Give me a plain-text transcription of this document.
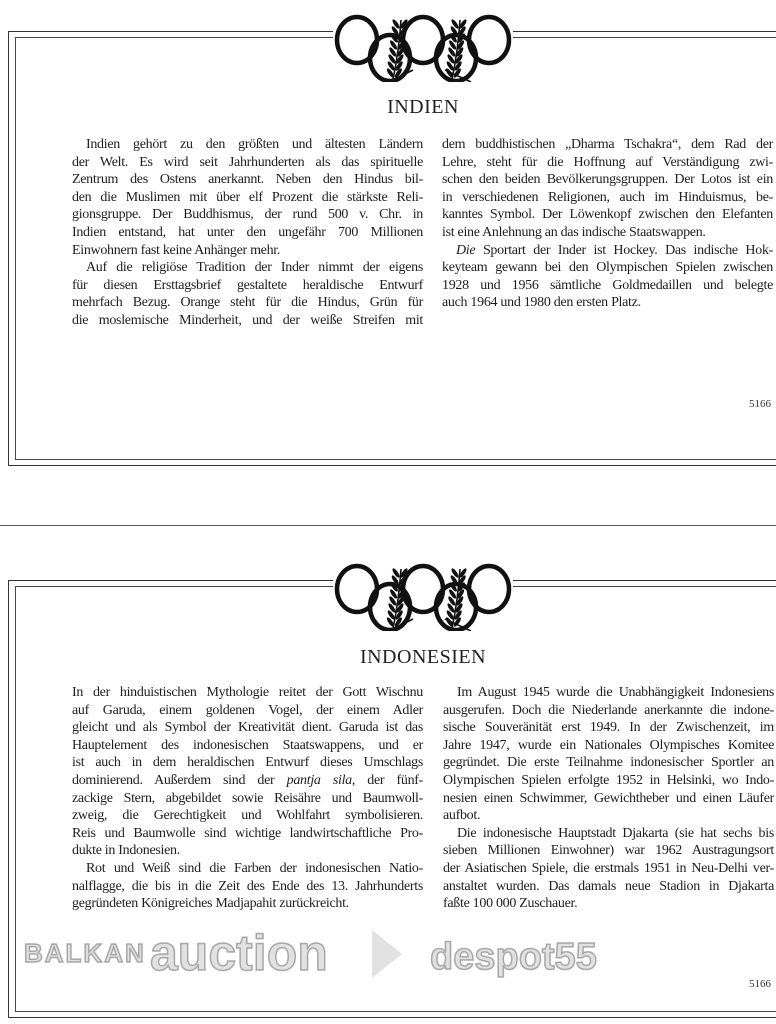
INDIEN
Indien gehört zu den größten und ältesten Ländern
der Welt. Es wird seit Jahrhunderten als das spirituelle
Zentrum des Ostens anerkannt. Neben den Hindus bil-
den die Muslimen mit über elf Prozent die stärkste Reli-
gionsgruppe. Der Buddhismus, der rund 500 v. Chr. in
Indien entstand, hat unter den ungefähr 700 Millionen
Einwohnern fast keine Anhänger mehr.
Auf die religiöse Tradition der Inder nimmt der eigens
für diesen Ersttagsbrief gestaltete heraldische Entwurf
mehrfach Bezug. Orange steht für die Hindus, Grün für
die moslemische Minderheit, und der weiße Streifen mit
dem buddhistischen „Dharma Tschakra“, dem Rad der
Lehre, steht für die Hoffnung auf Verständigung zwi-
schen den beiden Bevölkerungsgruppen. Der Lotos ist ein
in verschiedenen Religionen, auch im Hinduismus, be-
kanntes Symbol. Der Löwenkopf zwischen den Elefanten
ist eine Anlehnung an das indische Staatswappen.
Die Sportart der Inder ist Hockey. Das indische Hok-
keyteam gewann bei den Olympischen Spielen zwischen
1928 und 1956 sämtliche Goldmedaillen und belegte
auch 1964 und 1980 den ersten Platz.
5166
INDONESIEN
In der hinduistischen Mythologie reitet der Gott Wischnu
auf Garuda, einem goldenen Vogel, der einem Adler
gleicht und als Symbol der Kreativität dient. Garuda ist das
Hauptelement des indonesischen Staatswappens, und er
ist auch in dem heraldischen Entwurf dieses Umschlags
dominierend. Außerdem sind der pantja sila, der fünf-
zackige Stern, abgebildet sowie Reisähre und Baumwoll-
zweig, die Gerechtigkeit und Wohlfahrt symbolisieren.
Reis und Baumwolle sind wichtige landwirtschaftliche Pro-
dukte in Indonesien.
Rot und Weiß sind die Farben der indonesischen Natio-
nalflagge, die bis in die Zeit des Ende des 13. Jahrhunderts
gegründeten Königreiches Madjapahit zurückreicht.
Im August 1945 wurde die Unabhängigkeit Indonesiens
ausgerufen. Doch die Niederlande anerkannte die indone-
sische Souveränität erst 1949. In der Zwischenzeit, im
Jahre 1947, wurde ein Nationales Olympisches Komitee
gegründet. Die erste Teilnahme indonesischer Sportler an
Olympischen Spielen erfolgte 1952 in Helsinki, wo Indo-
nesien einen Schwimmer, Gewichtheber und einen Läufer
aufbot.
Die indonesische Hauptstadt Djakarta (sie hat sechs bis
sieben Millionen Einwohner) war 1962 Austragungsort
der Asiatischen Spiele, die erstmals 1951 in Neu-Delhi ver-
anstaltet wurden. Das damals neue Stadion in Djakarta
faßte 100 000 Zuschauer.
5166
BALKAN auction	despot55
